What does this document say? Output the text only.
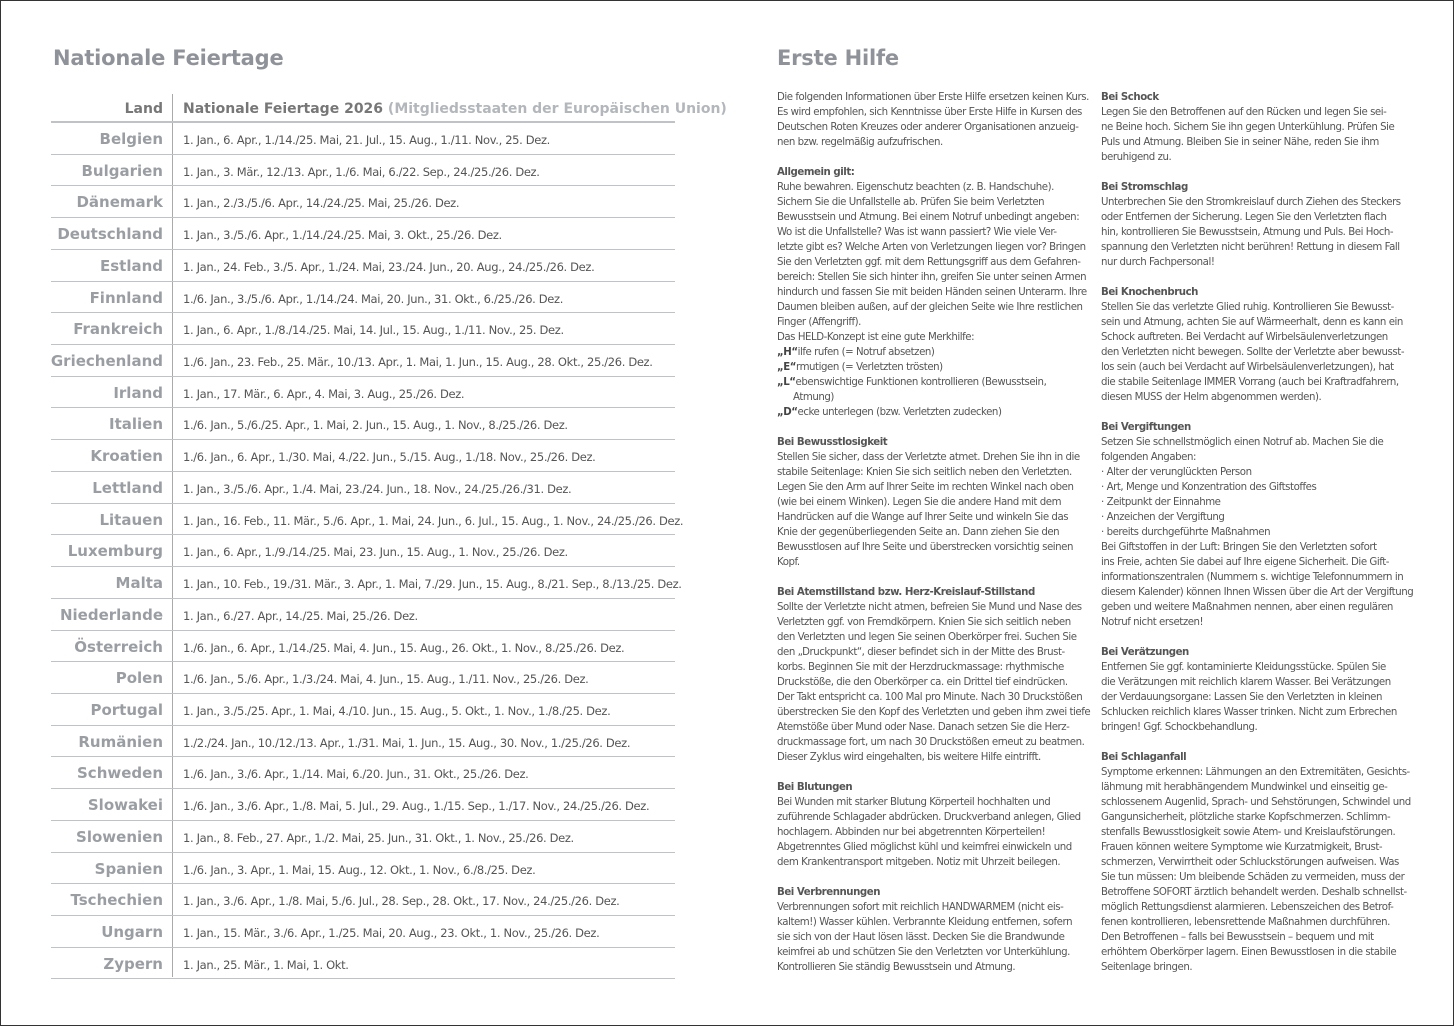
Nationale Feiertage
Land Nationale Feiertage 2026 (Mitgliedsstaaten der Europäischen Union)
Belgien 1. Jan., 6. Apr., 1./14./25. Mai, 21. Jul., 15. Aug., 1./11. Nov., 25. Dez.
Bulgarien 1. Jan., 3. Mär., 12./13. Apr., 1./6. Mai, 6./22. Sep., 24./25./26. Dez.
Dänemark 1. Jan., 2./3./5./6. Apr., 14./24./25. Mai, 25./26. Dez.
Deutschland 1. Jan., 3./5./6. Apr., 1./14./24./25. Mai, 3. Okt., 25./26. Dez.
Estland 1. Jan., 24. Feb., 3./5. Apr., 1./24. Mai, 23./24. Jun., 20. Aug., 24./25./26. Dez.
Finnland 1./6. Jan., 3./5./6. Apr., 1./14./24. Mai, 20. Jun., 31. Okt., 6./25./26. Dez.
Frankreich 1. Jan., 6. Apr., 1./8./14./25. Mai, 14. Jul., 15. Aug., 1./11. Nov., 25. Dez.
Griechenland 1./6. Jan., 23. Feb., 25. Mär., 10./13. Apr., 1. Mai, 1. Jun., 15. Aug., 28. Okt., 25./26. Dez.
Irland 1. Jan., 17. Mär., 6. Apr., 4. Mai, 3. Aug., 25./26. Dez.
Italien 1./6. Jan., 5./6./25. Apr., 1. Mai, 2. Jun., 15. Aug., 1. Nov., 8./25./26. Dez.
Kroatien 1./6. Jan., 6. Apr., 1./30. Mai, 4./22. Jun., 5./15. Aug., 1./18. Nov., 25./26. Dez.
Lettland 1. Jan., 3./5./6. Apr., 1./4. Mai, 23./24. Jun., 18. Nov., 24./25./26./31. Dez.
Litauen 1. Jan., 16. Feb., 11. Mär., 5./6. Apr., 1. Mai, 24. Jun., 6. Jul., 15. Aug., 1. Nov., 24./25./26. Dez.
Luxemburg 1. Jan., 6. Apr., 1./9./14./25. Mai, 23. Jun., 15. Aug., 1. Nov., 25./26. Dez.
Malta 1. Jan., 10. Feb., 19./31. Mär., 3. Apr., 1. Mai, 7./29. Jun., 15. Aug., 8./21. Sep., 8./13./25. Dez.
Niederlande 1. Jan., 6./27. Apr., 14./25. Mai, 25./26. Dez.
Österreich 1./6. Jan., 6. Apr., 1./14./25. Mai, 4. Jun., 15. Aug., 26. Okt., 1. Nov., 8./25./26. Dez.
Polen 1./6. Jan., 5./6. Apr., 1./3./24. Mai, 4. Jun., 15. Aug., 1./11. Nov., 25./26. Dez.
Portugal 1. Jan., 3./5./25. Apr., 1. Mai, 4./10. Jun., 15. Aug., 5. Okt., 1. Nov., 1./8./25. Dez.
Rumänien 1./2./24. Jan., 10./12./13. Apr., 1./31. Mai, 1. Jun., 15. Aug., 30. Nov., 1./25./26. Dez.
Schweden 1./6. Jan., 3./6. Apr., 1./14. Mai, 6./20. Jun., 31. Okt., 25./26. Dez.
Slowakei 1./6. Jan., 3./6. Apr., 1./8. Mai, 5. Jul., 29. Aug., 1./15. Sep., 1./17. Nov., 24./25./26. Dez.
Slowenien 1. Jan., 8. Feb., 27. Apr., 1./2. Mai, 25. Jun., 31. Okt., 1. Nov., 25./26. Dez.
Spanien 1./6. Jan., 3. Apr., 1. Mai, 15. Aug., 12. Okt., 1. Nov., 6./8./25. Dez.
Tschechien 1. Jan., 3./6. Apr., 1./8. Mai, 5./6. Jul., 28. Sep., 28. Okt., 17. Nov., 24./25./26. Dez.
Ungarn 1. Jan., 15. Mär., 3./6. Apr., 1./25. Mai, 20. Aug., 23. Okt., 1. Nov., 25./26. Dez.
Zypern 1. Jan., 25. Mär., 1. Mai, 1. Okt.
Erste Hilfe

Die folgenden Informationen über Erste Hilfe ersetzen keinen Kurs.
Es wird empfohlen, sich Kenntnisse über Erste Hilfe in Kursen des
Deutschen Roten Kreuzes oder anderer Organisationen anzueig-
nen bzw. regelmäßig aufzufrischen.

Allgemein gilt:
Ruhe bewahren. Eigenschutz beachten (z. B. Handschuhe).
Sichern Sie die Unfallstelle ab. Prüfen Sie beim Verletzten
Bewusstsein und Atmung. Bei einem Notruf unbedingt angeben:
Wo ist die Unfallstelle? Was ist wann passiert? Wie viele Ver-
letzte gibt es? Welche Arten von Verletzungen liegen vor? Bringen
Sie den Verletzten ggf. mit dem Rettungsgriff aus dem Gefahren-
bereich: Stellen Sie sich hinter ihn, greifen Sie unter seinen Armen
hindurch und fassen Sie mit beiden Händen seinen Unterarm. Ihre
Daumen bleiben außen, auf der gleichen Seite wie Ihre restlichen
Finger (Affengriff).
Das HELD-Konzept ist eine gute Merkhilfe:
„H“ilfe rufen (= Notruf absetzen)
„E“rmutigen (= Verletzten trösten)
„L“ebenswichtige Funktionen kontrollieren (Bewusstsein,
Atmung)
„D“ecke unterlegen (bzw. Verletzten zudecken)

Bei Bewusstlosigkeit
Stellen Sie sicher, dass der Verletzte atmet. Drehen Sie ihn in die
stabile Seitenlage: Knien Sie sich seitlich neben den Verletzten.
Legen Sie den Arm auf Ihrer Seite im rechten Winkel nach oben
(wie bei einem Winken). Legen Sie die andere Hand mit dem
Handrücken auf die Wange auf Ihrer Seite und winkeln Sie das
Knie der gegenüberliegenden Seite an. Dann ziehen Sie den
Bewusstlosen auf Ihre Seite und überstrecken vorsichtig seinen
Kopf.

Bei Atemstillstand bzw. Herz-Kreislauf-Stillstand
Sollte der Verletzte nicht atmen, befreien Sie Mund und Nase des
Verletzten ggf. von Fremdkörpern. Knien Sie sich seitlich neben
den Verletzten und legen Sie seinen Oberkörper frei. Suchen Sie
den „Druckpunkt“, dieser befindet sich in der Mitte des Brust-
korbs. Beginnen Sie mit der Herzdruckmassage: rhythmische
Druckstöße, die den Oberkörper ca. ein Drittel tief eindrücken.
Der Takt entspricht ca. 100 Mal pro Minute. Nach 30 Druckstößen
überstrecken Sie den Kopf des Verletzten und geben ihm zwei tiefe
Atemstöße über Mund oder Nase. Danach setzen Sie die Herz-
druckmassage fort, um nach 30 Druckstößen erneut zu beatmen.
Dieser Zyklus wird eingehalten, bis weitere Hilfe eintrifft.

Bei Blutungen
Bei Wunden mit starker Blutung Körperteil hochhalten und
zuführende Schlagader abdrücken. Druckverband anlegen, Glied
hochlagern. Abbinden nur bei abgetrennten Körperteilen!
Abgetrenntes Glied möglichst kühl und keimfrei einwickeln und
dem Krankentransport mitgeben. Notiz mit Uhrzeit beilegen.

Bei Verbrennungen
Verbrennungen sofort mit reichlich HANDWARMEM (nicht eis-
kaltem!) Wasser kühlen. Verbrannte Kleidung entfernen, sofern
sie sich von der Haut lösen lässt. Decken Sie die Brandwunde
keimfrei ab und schützen Sie den Verletzten vor Unterkühlung.
Kontrollieren Sie ständig Bewusstsein und Atmung.

Bei Schock
Legen Sie den Betroffenen auf den Rücken und legen Sie sei-
ne Beine hoch. Sichern Sie ihn gegen Unterkühlung. Prüfen Sie
Puls und Atmung. Bleiben Sie in seiner Nähe, reden Sie ihm
beruhigend zu.

Bei Stromschlag
Unterbrechen Sie den Stromkreislauf durch Ziehen des Steckers
oder Entfernen der Sicherung. Legen Sie den Verletzten flach
hin, kontrollieren Sie Bewusstsein, Atmung und Puls. Bei Hoch-
spannung den Verletzten nicht berühren! Rettung in diesem Fall
nur durch Fachpersonal!

Bei Knochenbruch
Stellen Sie das verletzte Glied ruhig. Kontrollieren Sie Bewusst-
sein und Atmung, achten Sie auf Wärmeerhalt, denn es kann ein
Schock auftreten. Bei Verdacht auf Wirbelsäulenverletzungen
den Verletzten nicht bewegen. Sollte der Verletzte aber bewusst-
los sein (auch bei Verdacht auf Wirbelsäulenverletzungen), hat
die stabile Seitenlage IMMER Vorrang (auch bei Kraftradfahrern,
diesen MUSS der Helm abgenommen werden).

Bei Vergiftungen
Setzen Sie schnellstmöglich einen Notruf ab. Machen Sie die
folgenden Angaben:
· Alter der verunglückten Person
· Art, Menge und Konzentration des Giftstoffes
· Zeitpunkt der Einnahme
· Anzeichen der Vergiftung
· bereits durchgeführte Maßnahmen
Bei Giftstoffen in der Luft: Bringen Sie den Verletzten sofort
ins Freie, achten Sie dabei auf Ihre eigene Sicherheit. Die Gift-
informationszentralen (Nummern s. wichtige Telefonnummern in
diesem Kalender) können Ihnen Wissen über die Art der Vergiftung
geben und weitere Maßnahmen nennen, aber einen regulären
Notruf nicht ersetzen!

Bei Verätzungen
Entfernen Sie ggf. kontaminierte Kleidungsstücke. Spülen Sie
die Verätzungen mit reichlich klarem Wasser. Bei Verätzungen
der Verdauungsorgane: Lassen Sie den Verletzten in kleinen
Schlucken reichlich klares Wasser trinken. Nicht zum Erbrechen
bringen! Ggf. Schockbehandlung.

Bei Schlaganfall
Symptome erkennen: Lähmungen an den Extremitäten, Gesichts-
lähmung mit herabhängendem Mundwinkel und einseitig ge-
schlossenem Augenlid, Sprach- und Sehstörungen, Schwindel und
Gangunsicherheit, plötzliche starke Kopfschmerzen. Schlimm-
stenfalls Bewusstlosigkeit sowie Atem- und Kreislaufstörungen.
Frauen können weitere Symptome wie Kurzatmigkeit, Brust-
schmerzen, Verwirrtheit oder Schluckstörungen aufweisen. Was
Sie tun müssen: Um bleibende Schäden zu vermeiden, muss der
Betroffene SOFORT ärztlich behandelt werden. Deshalb schnellst-
möglich Rettungsdienst alarmieren. Lebenszeichen des Betrof-
fenen kontrollieren, lebensrettende Maßnahmen durchführen.
Den Betroffenen – falls bei Bewusstsein – bequem und mit
erhöhtem Oberkörper lagern. Einen Bewusstlosen in die stabile
Seitenlage bringen.
